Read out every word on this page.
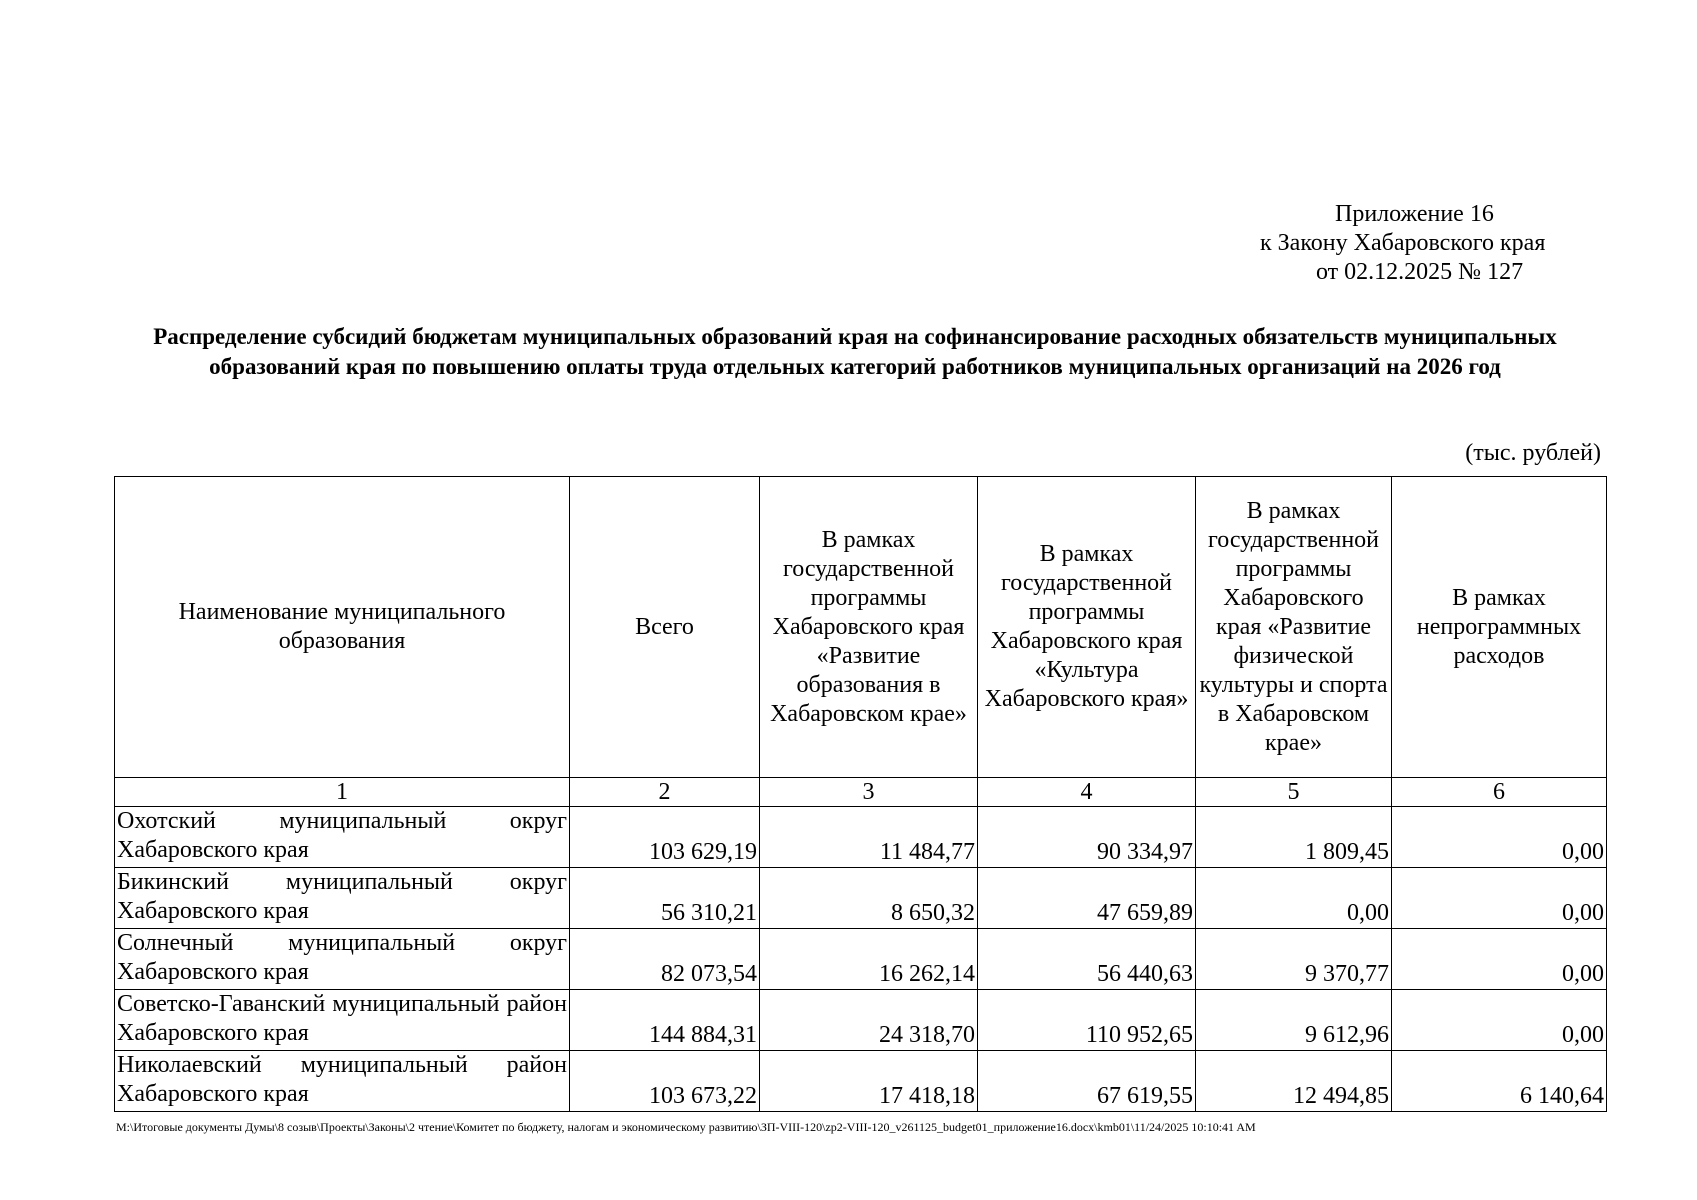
Приложение 16
к Закону Хабаровского края
от 02.12.2025 № 127
Распределение субсидий бюджетам муниципальных образований края на софинансирование расходных обязательств муниципальных образований края по повышению оплаты труда отдельных категорий работников муниципальных организаций на 2026 год
(тыс. рублей)
Наименование муниципального образования	Всего	В рамках государственной программы Хабаровского края «Развитие образования в Хабаровском крае»	В рамках государственной программы Хабаровского края «Культура Хабаровского края»	В рамках государственной программы Хабаровского края «Развитие физической культуры и спорта в Хабаровском крае»	В рамках непрограммных расходов
1	2	3	4	5	6
Охотский муниципальный округ Хабаровского края	103 629,19	11 484,77	90 334,97	1 809,45	0,00
Бикинский муниципальный округ Хабаровского края	56 310,21	8 650,32	47 659,89	0,00	0,00
Солнечный муниципальный округ Хабаровского края	82 073,54	16 262,14	56 440,63	9 370,77	0,00
Советско-Гаванский муниципальный район Хабаровского края	144 884,31	24 318,70	110 952,65	9 612,96	0,00
Николаевский муниципальный район Хабаровского края	103 673,22	17 418,18	67 619,55	12 494,85	6 140,64
M:\Итоговые документы Думы\8 созыв\Проекты\Законы\2 чтение\Комитет по бюджету, налогам и экономическому развитию\ЗП-VIII-120\zp2-VIII-120_v261125_budget01_приложение16.docx\kmb01\11/24/2025 10:10:41 AM
